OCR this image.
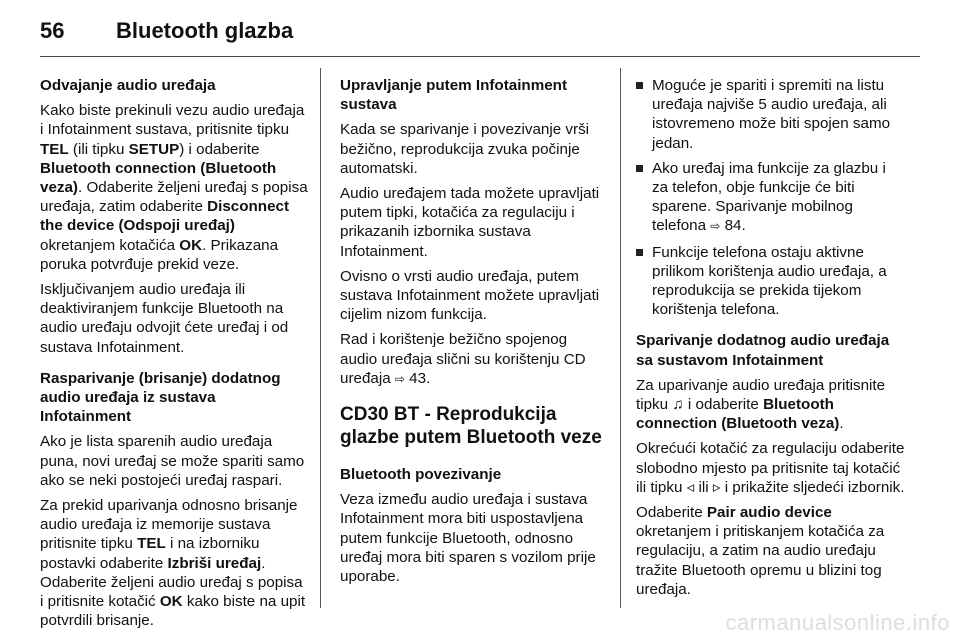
56 Bluetooth glazba

Odvajanje audio uređaja

Kako biste prekinuli vezu audio uređaja i Infotainment sustava, pritisnite tipku TEL (ili tipku SETUP) i odaberite Bluetooth connection (Bluetooth veza). Odaberite željeni uređaj s popisa uređaja, zatim odaberite Disconnect the device (Odspoji uređaj) okretanjem kotačića OK. Prikazana poruka potvrđuje prekid veze.

Isključivanjem audio uređaja ili deaktiviranjem funkcije Bluetooth na audio uređaju odvojit ćete uređaj i od sustava Infotainment.

Rasparivanje (brisanje) dodatnog audio uređaja iz sustava Infotainment

Ako je lista sparenih audio uređaja puna, novi uređaj se može spariti samo ako se neki postojeći uređaj raspari.

Za prekid uparivanja odnosno brisanje audio uređaja iz memorije sustava pritisnite tipku TEL i na izborniku postavki odaberite Izbriši uređaj. Odaberite željeni audio uređaj s popisa i pritisnite kotačić OK kako biste na upit potvrdili brisanje.

Upravljanje putem Infotainment sustava

Kada se sparivanje i povezivanje vrši bežično, reprodukcija zvuka počinje automatski.

Audio uređajem tada možete upravljati putem tipki, kotačića za regulaciju i prikazanih izbornika sustava Infotainment.

Ovisno o vrsti audio uređaja, putem sustava Infotainment možete upravljati cijelim nizom funkcija.

Rad i korištenje bežično spojenog audio uređaja slični su korištenju CD uređaja ⇨ 43.

CD30 BT - Reprodukcija glazbe putem Bluetooth veze

Bluetooth povezivanje

Veza između audio uređaja i sustava Infotainment mora biti uspostavljena putem funkcije Bluetooth, odnosno uređaj mora biti sparen s vozilom prije uporabe.

Moguće je spariti i spremiti na listu uređaja najviše 5 audio uređaja, ali istovremeno može biti spojen samo jedan.
Ako uređaj ima funkcije za glazbu i za telefon, obje funkcije će biti sparene. Sparivanje mobilnog telefona ⇨ 84.
Funkcije telefona ostaju aktivne prilikom korištenja audio uređaja, a reprodukcija se prekida tijekom korištenja telefona.

Sparivanje dodatnog audio uređaja sa sustavom Infotainment

Za uparivanje audio uređaja pritisnite tipku ♫ i odaberite Bluetooth connection (Bluetooth veza).

Okrećući kotačić za regulaciju odaberite slobodno mjesto pa pritisnite taj kotačić ili tipku ◃ ili ▹ i prikažite sljedeći izbornik.

Odaberite Pair audio device okretanjem i pritiskanjem kotačića za regulaciju, a zatim na audio uređaju tražite Bluetooth opremu u blizini tog uređaja.

carmanualsonline.info
